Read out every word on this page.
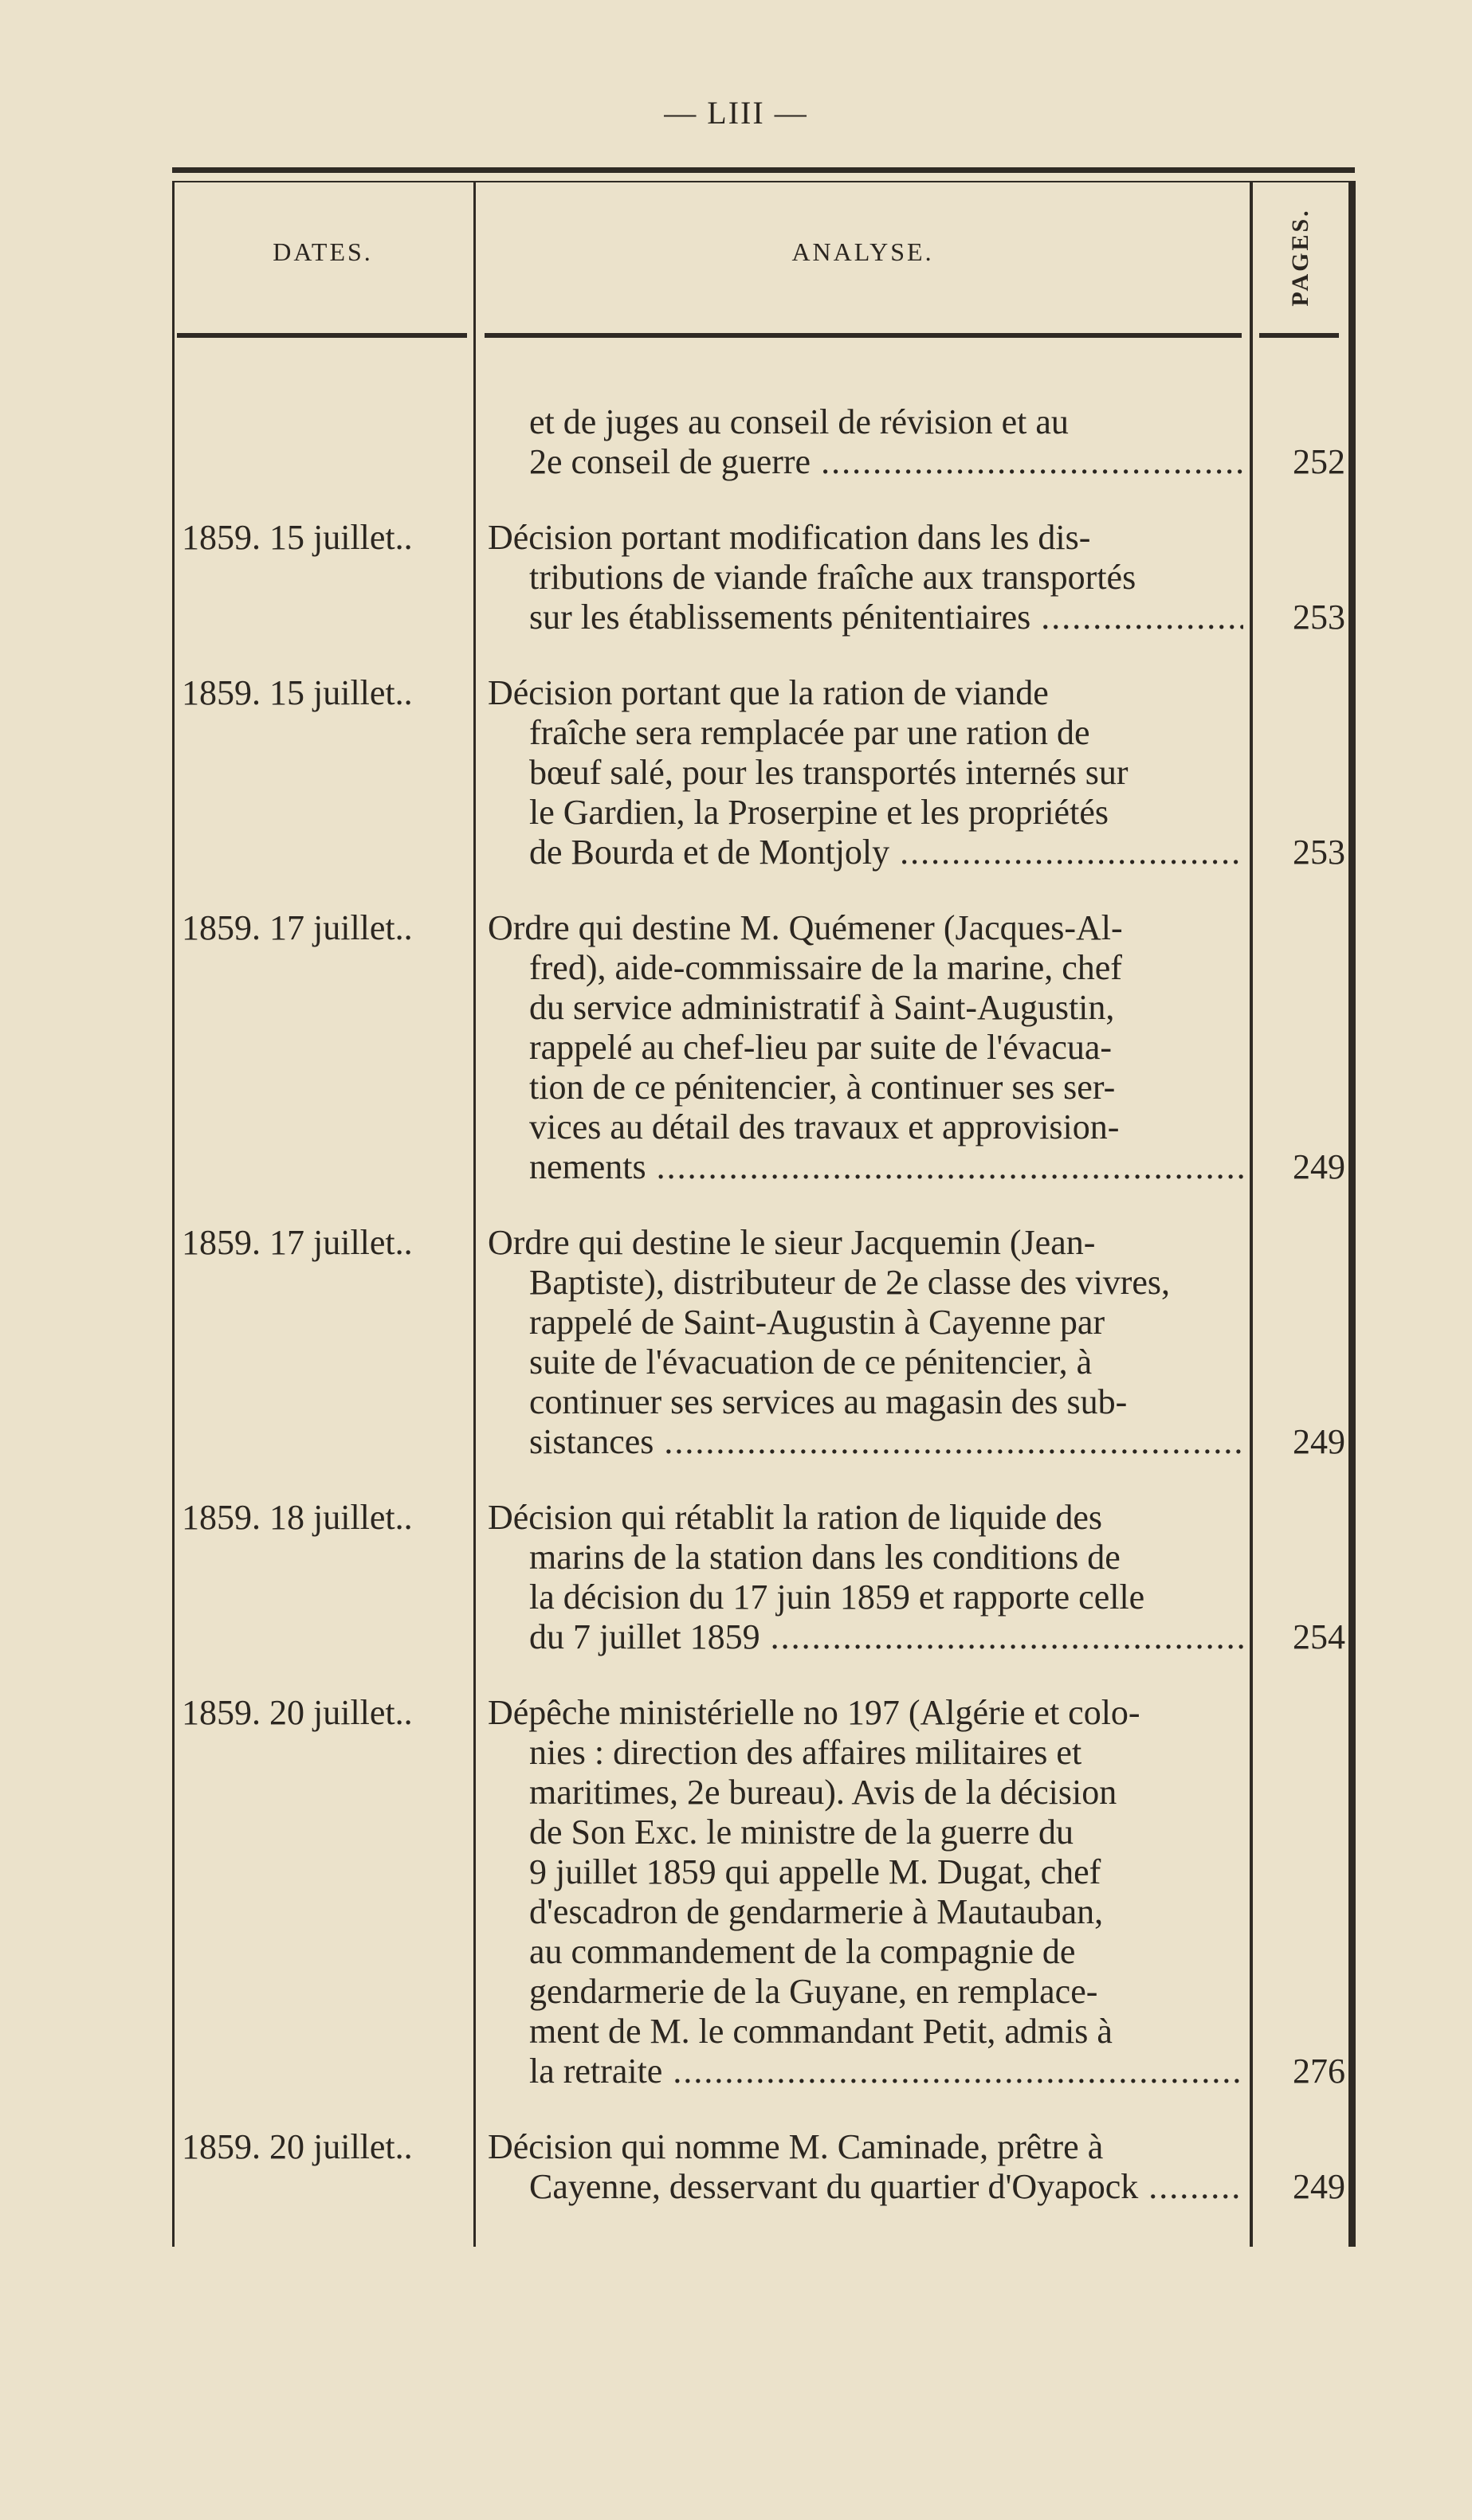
— LIII —
DATES.	ANALYSE.	PAGES.
et de juges au conseil de révision et au
2e conseil de guerre .....	252
1859. 15 juillet..	Décision portant modification dans les dis-
tributions de viande fraîche aux transportés
sur les établissements pénitentiaires .....	253
1859. 15 juillet..	Décision portant que la ration de viande
fraîche sera remplacée par une ration de
bœuf salé, pour les transportés internés sur
le Gardien, la Proserpine et les propriétés
de Bourda et de Montjoly .....	253
1859. 17 juillet..	Ordre qui destine M. Quémener (Jacques-Al-
fred), aide-commissaire de la marine, chef
du service administratif à Saint-Augustin,
rappelé au chef-lieu par suite de l'évacua-
tion de ce pénitencier, à continuer ses ser-
vices au détail des travaux et approvision-
nements .....	249
1859. 17 juillet..	Ordre qui destine le sieur Jacquemin (Jean-
Baptiste), distributeur de 2e classe des vivres,
rappelé de Saint-Augustin à Cayenne par
suite de l'évacuation de ce pénitencier, à
continuer ses services au magasin des sub-
sistances .....	249
1859. 18 juillet..	Décision qui rétablit la ration de liquide des
marins de la station dans les conditions de
la décision du 17 juin 1859 et rapporte celle
du 7 juillet 1859 .....	254
1859. 20 juillet..	Dépêche ministérielle no 197 (Algérie et colo-
nies : direction des affaires militaires et
maritimes, 2e bureau). Avis de la décision
de Son Exc. le ministre de la guerre du
9 juillet 1859 qui appelle M. Dugat, chef
d'escadron de gendarmerie à Mautauban,
au commandement de la compagnie de
gendarmerie de la Guyane, en remplace-
ment de M. le commandant Petit, admis à
la retraite .....	276
1859. 20 juillet..	Décision qui nomme M. Caminade, prêtre à
Cayenne, desservant du quartier d'Oyapock .....	249
